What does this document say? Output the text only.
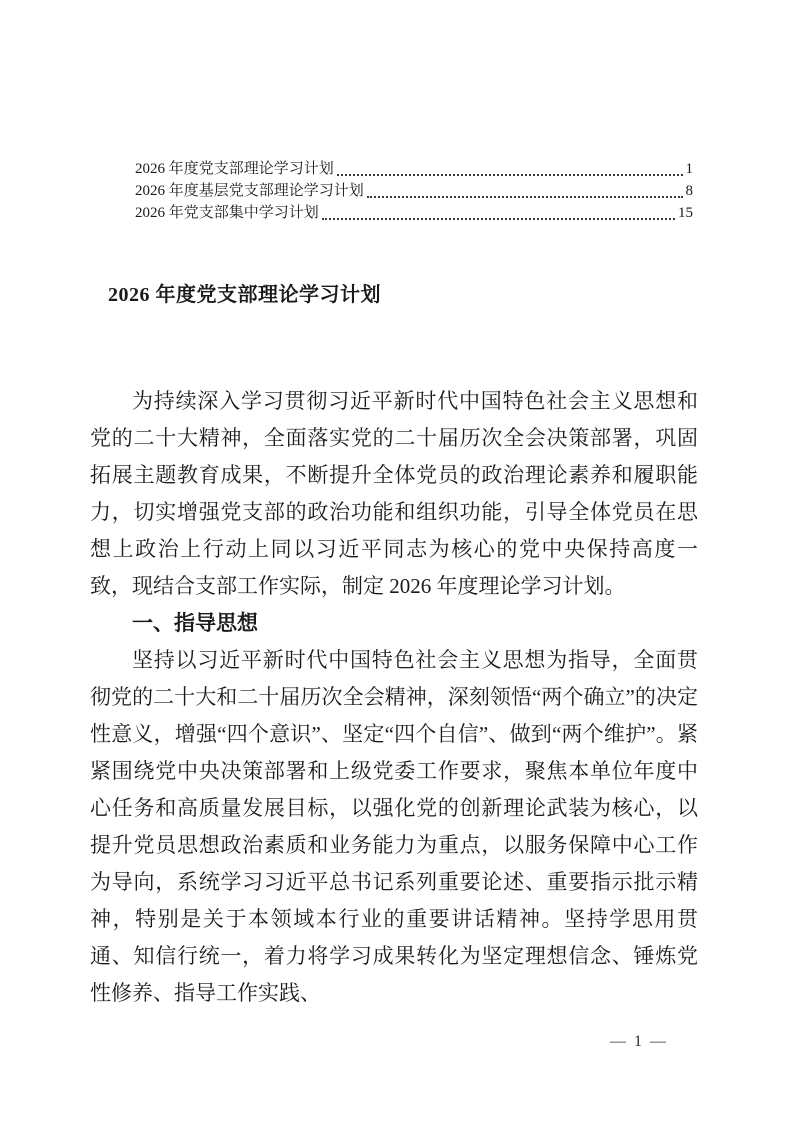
2026 年度党支部理论学习计划	1
2026 年度基层党支部理论学习计划	8
2026 年党支部集中学习计划	15
2026 年度党支部理论学习计划

为持续深入学习贯彻习近平新时代中国特色社会主义思想和党的二十大精神，全面落实党的二十届历次全会决策部署，巩固拓展主题教育成果，不断提升全体党员的政治理论素养和履职能力，切实增强党支部的政治功能和组织功能，引导全体党员在思想上政治上行动上同以习近平同志为核心的党中央保持高度一致，现结合支部工作实际，制定 2026 年度理论学习计划。

一、指导思想

坚持以习近平新时代中国特色社会主义思想为指导，全面贯彻党的二十大和二十届历次全会精神，深刻领悟“两个确立”的决定性意义，增强“四个意识”、坚定“四个自信”、做到“两个维护”。紧紧围绕党中央决策部署和上级党委工作要求，聚焦本单位年度中心任务和高质量发展目标，以强化党的创新理论武装为核心，以提升党员思想政治素质和业务能力为重点，以服务保障中心工作为导向，系统学习习近平总书记系列重要论述、重要指示批示精神，特别是关于本领域本行业的重要讲话精神。坚持学思用贯通、知信行统一，着力将学习成果转化为坚定理想信念、锤炼党性修养、指导工作实践、

— 1 —
